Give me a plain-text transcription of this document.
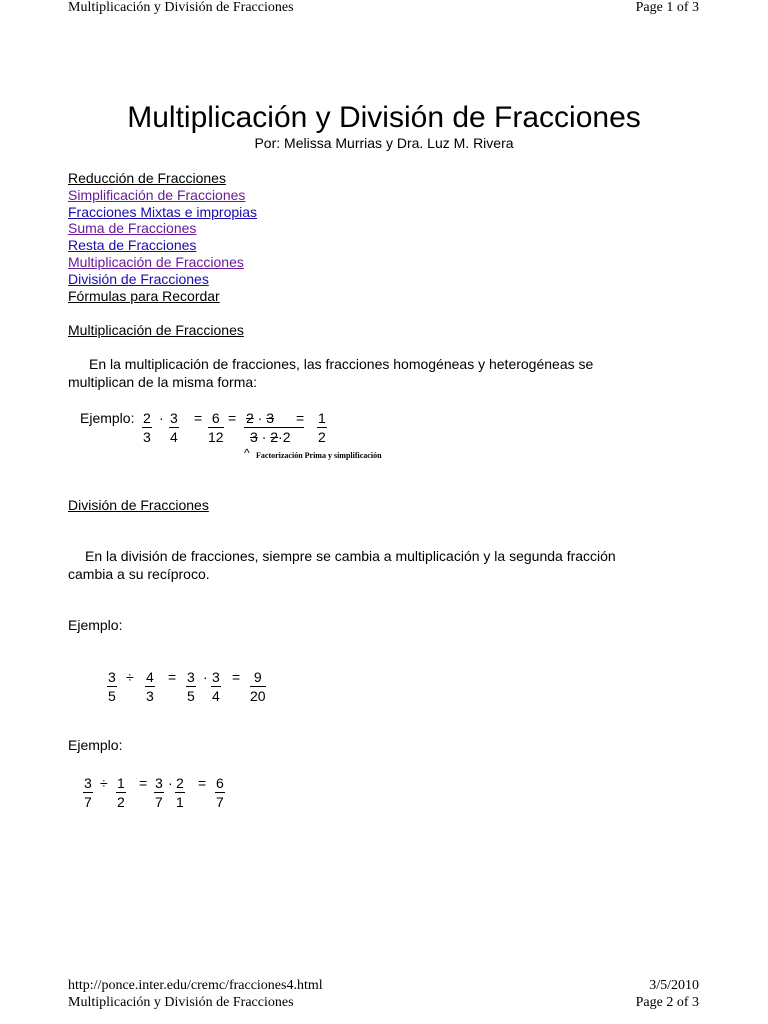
Multiplicación y División de Fracciones	Page 1 of 3
Multiplicación y División de Fracciones
Por: Melissa Murrias y Dra. Luz M. Rivera
Reducción de Fracciones
Simplificación de Fracciones
Fracciones Mixtas e impropias
Suma de Fracciones
Resta de Fracciones
Multiplicación de Fracciones
División de Fracciones
Fórmulas para Recordar
Multiplicación de Fracciones
En la multiplicación de fracciones, las fracciones homogéneas y heterogéneas se
multiplican de la misma forma:
Ejemplo: $\frac{2}{3} \cdot \frac{3}{4} = \frac{6}{12} = \frac{2 \cdot 3}{3 \cdot 2\cdot 2}$
= $\frac{1}{2}$
^ Factorización Prima y simplificación
División de Fracciones
En la división de fracciones, siempre se cambia a multiplicación y la segunda fracción
cambia a su recíproco.
Ejemplo:
$\frac{3}{5} \div \frac{4}{3} = \frac{3}{5} \cdot \frac{3}{4} = \frac{9}{20}$
Ejemplo:
$\frac{3}{7} \div \frac{1}{2} = \frac{3}{7} \cdot \frac{2}{1} = \frac{6}{7}$
http://ponce.inter.edu/cremc/fracciones4.html	3/5/2010
Multiplicación y División de Fracciones	Page 2 of 3
